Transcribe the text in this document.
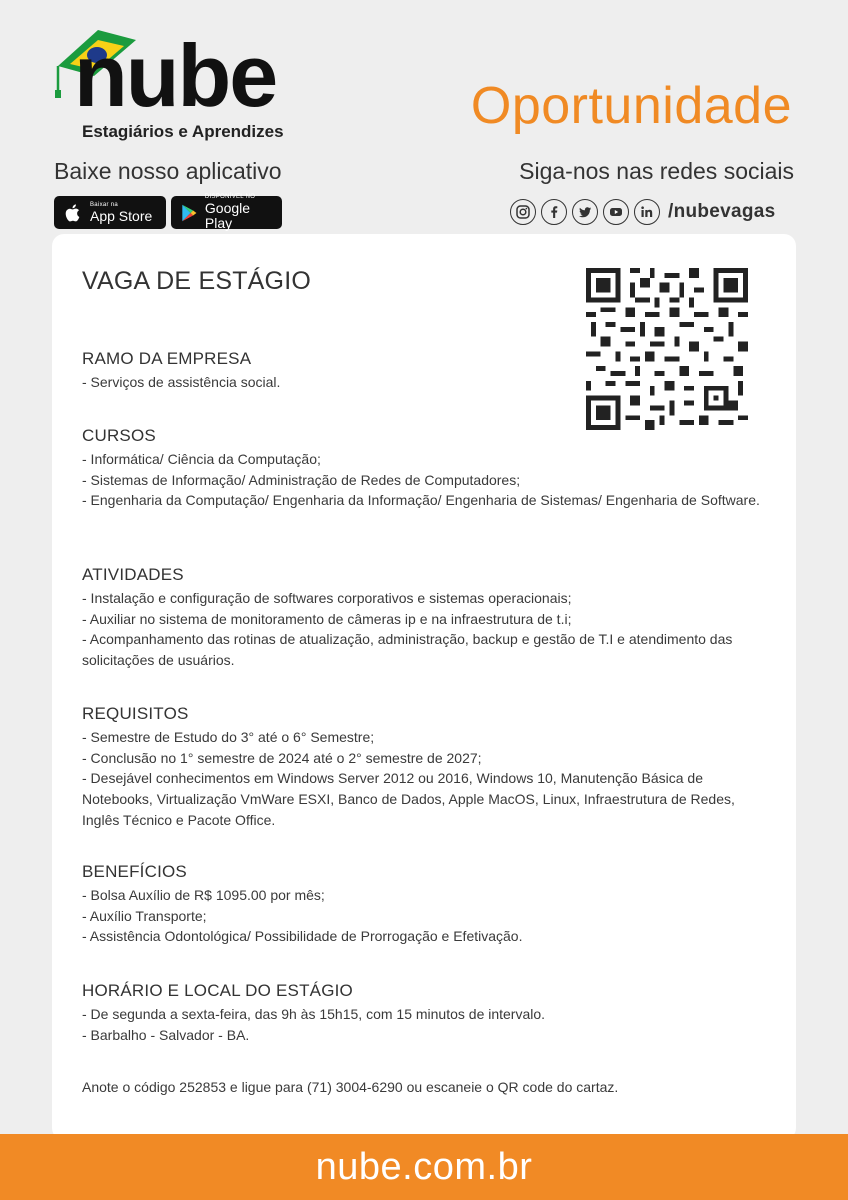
nube
Estagiários e Aprendizes	Oportunidade
Baixe nosso aplicativo	Siga-nos nas redes sociais
Baixar na
App Store
DISPONÍVEL NO
Google Play
/nubevagas
VAGA DE ESTÁGIO
RAMO DA EMPRESA

- Serviços de assistência social.

CURSOS

- Informática/ Ciência da Computação;

- Sistemas de Informação/ Administração de Redes de Computadores;

- Engenharia da Computação/ Engenharia da Informação/ Engenharia de Sistemas/ Engenharia de Software.

ATIVIDADES

- Instalação e configuração de softwares corporativos e sistemas operacionais;

- Auxiliar no sistema de monitoramento de câmeras ip e na infraestrutura de t.i;

- Acompanhamento das rotinas de atualização, administração, backup e gestão de T.I e atendimento das solicitações de usuários.

REQUISITOS

- Semestre de Estudo do 3° até o 6° Semestre;

- Conclusão no 1° semestre de 2024 até o 2° semestre de 2027;

- Desejável conhecimentos em Windows Server 2012 ou 2016, Windows 10, Manutenção Básica de Notebooks, Virtualização VmWare ESXI, Banco de Dados, Apple MacOS, Linux, Infraestrutura de Redes, Inglês Técnico e Pacote Office.

BENEFÍCIOS

- Bolsa Auxílio de R$ 1095.00 por mês;

- Auxílio Transporte;

- Assistência Odontológica/ Possibilidade de Prorrogação e Efetivação.

HORÁRIO E LOCAL DO ESTÁGIO

- De segunda a sexta-feira, das 9h às 15h15, com 15 minutos de intervalo.

- Barbalho - Salvador - BA.

Anote o código 252853 e ligue para (71) 3004-6290 ou escaneie o QR code do cartaz.
nube.com.br
